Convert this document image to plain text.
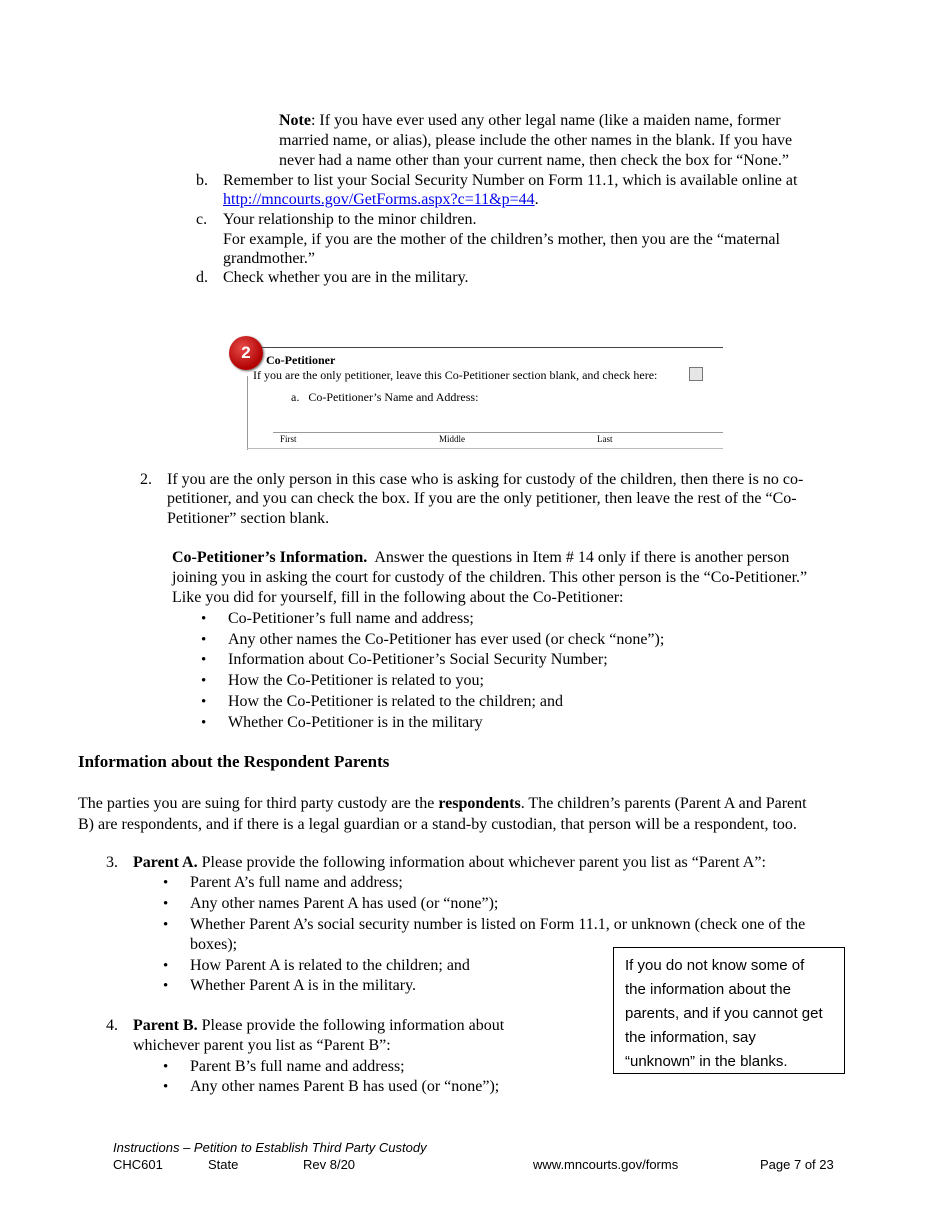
Note: If you have ever used any other legal name (like a maiden name, former
married name, or alias), please include the other names in the blank. If you have
never had a name other than your current name, then check the box for “None.”
b. Remember to list your Social Security Number on Form 11.1, which is available online at
http://mncourts.gov/GetForms.aspx?c=11&p=44.
c. Your relationship to the minor children.
For example, if you are the mother of the children’s mother, then you are the “maternal
grandmother.”
d. Check whether you are in the military.
2	Co-Petitioner
If you are the only petitioner, leave this Co-Petitioner section blank, and check here:
a. Co-Petitioner’s Name and Address:
First	Middle	Last
2. If you are the only person in this case who is asking for custody of the children, then there is no co-
petitioner, and you can check the box. If you are the only petitioner, then leave the rest of the “Co-
Petitioner” section blank.
Co-Petitioner’s Information.  Answer the questions in Item # 14 only if there is another person
joining you in asking the court for custody of the children. This other person is the “Co-Petitioner.”
Like you did for yourself, fill in the following about the Co-Petitioner:
• Co-Petitioner’s full name and address;
• Any other names the Co-Petitioner has ever used (or check “none”);
• Information about Co-Petitioner’s Social Security Number;
• How the Co-Petitioner is related to you;
• How the Co-Petitioner is related to the children; and
• Whether Co-Petitioner is in the military
Information about the Respondent Parents
The parties you are suing for third party custody are the respondents. The children’s parents (Parent A and Parent
B) are respondents, and if there is a legal guardian or a stand-by custodian, that person will be a respondent, too.
3. Parent A. Please provide the following information about whichever parent you list as “Parent A”:
• Parent A’s full name and address;
• Any other names Parent A has used (or “none”);
• Whether Parent A’s social security number is listed on Form 11.1, or unknown (check one of the
boxes);
• How Parent A is related to the children; and
• Whether Parent A is in the military.
4. Parent B. Please provide the following information about
whichever parent you list as “Parent B”:
• Parent B’s full name and address;
• Any other names Parent B has used (or “none”);
If you do not know some of
the information about the
parents, and if you cannot get
the information, say
“unknown” in the blanks.
Instructions – Petition to Establish Third Party Custody
CHC601	State	Rev 8/20	www.mncourts.gov/forms	Page 7 of 23
